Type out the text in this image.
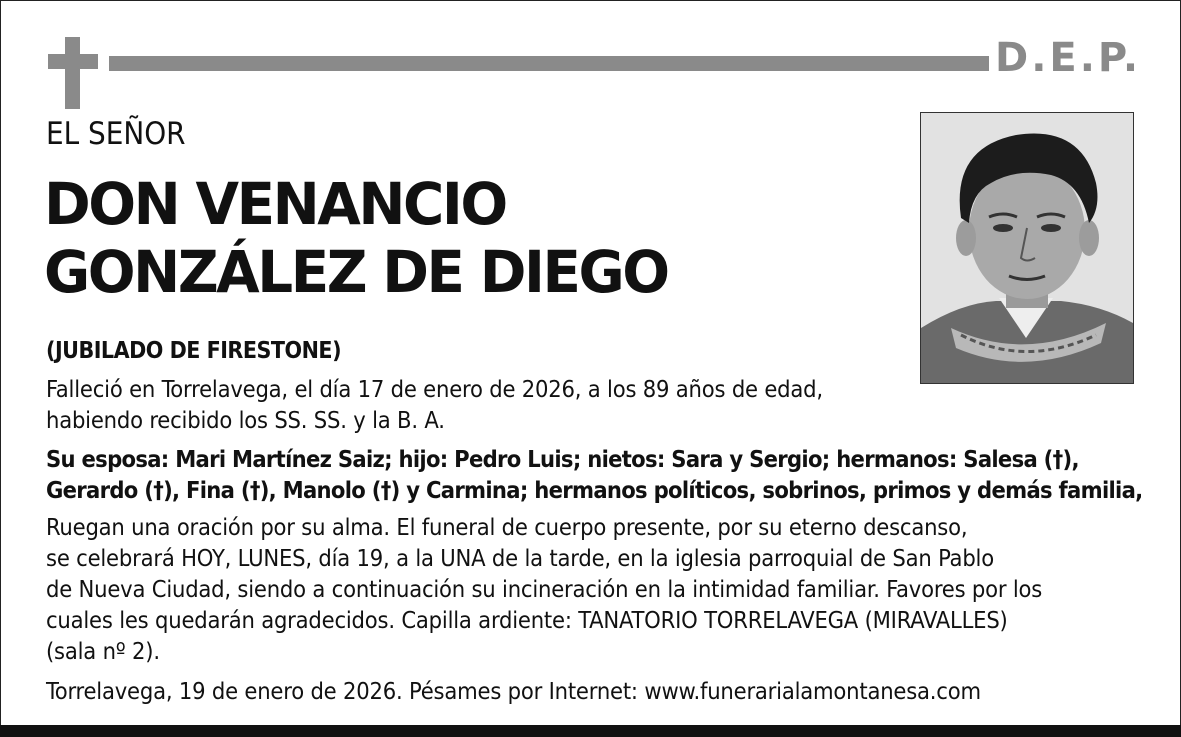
D.E.P.
EL SEÑOR
DON VENANCIO
GONZÁLEZ DE DIEGO
(JUBILADO DE FIRESTONE)
Falleció en Torrelavega, el día 17 de enero de 2026, a los 89 años de edad,
habiendo recibido los SS. SS. y la B. A.
Su esposa: Mari Martínez Saiz; hijo: Pedro Luis; nietos: Sara y Sergio; hermanos: Salesa (†),
Gerardo (†), Fina (†), Manolo (†) y Carmina; hermanos políticos, sobrinos, primos y demás familia,
Ruegan una oración por su alma. El funeral de cuerpo presente, por su eterno descanso,
se celebrará HOY, LUNES, día 19, a la UNA de la tarde, en la iglesia parroquial de San Pablo
de Nueva Ciudad, siendo a continuación su incineración en la intimidad familiar. Favores por los
cuales les quedarán agradecidos. Capilla ardiente: TANATORIO TORRELAVEGA (MIRAVALLES)
(sala nº 2).
Torrelavega, 19 de enero de 2026. Pésames por Internet: www.funerarialamontanesa.com
